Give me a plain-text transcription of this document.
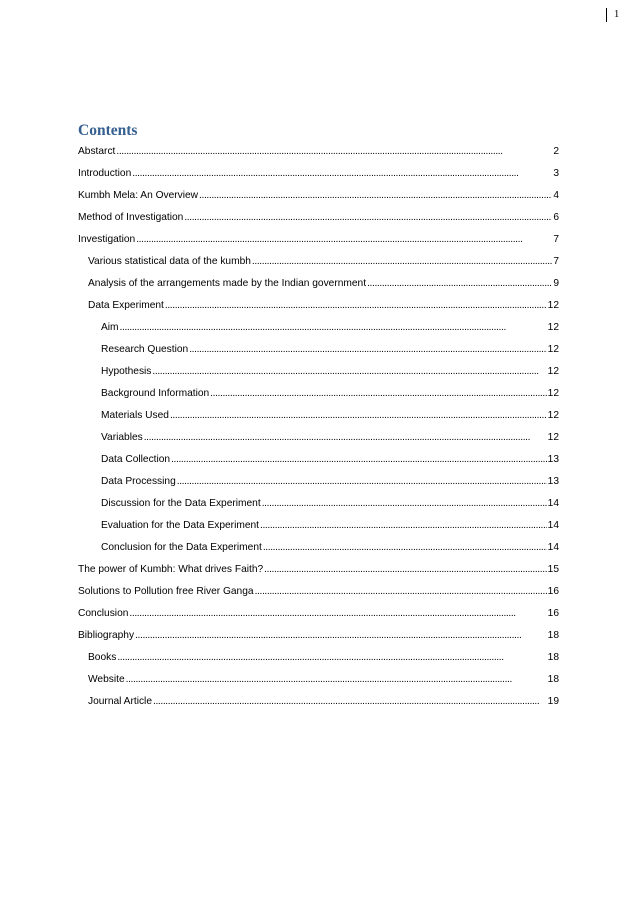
1
Contents
Abstarct . . .	2
Introduction . . .	3
Kumbh Mela: An Overview . . .	4
Method of Investigation . . .	6
Investigation . . .	7
Various statistical data of the kumbh . . .	7
Analysis of the arrangements made by the Indian government . . .	9
Data Experiment . . .	12
Aim . . .	12
Research Question . . .	12
Hypothesis . . .	12
Background Information . . .	12
Materials Used . . .	12
Variables . . .	12
Data Collection . . .	13
Data Processing . . .	13
Discussion for the Data Experiment . . .	14
Evaluation for the Data Experiment . . .	14
Conclusion for the Data Experiment . . .	14
The power of Kumbh: What drives Faith? . . .	15
Solutions to Pollution free River Ganga . . .	16
Conclusion . . .	16
Bibliography . . .	18
Books . . .	18
Website . . .	18
Journal Article . . .	19
